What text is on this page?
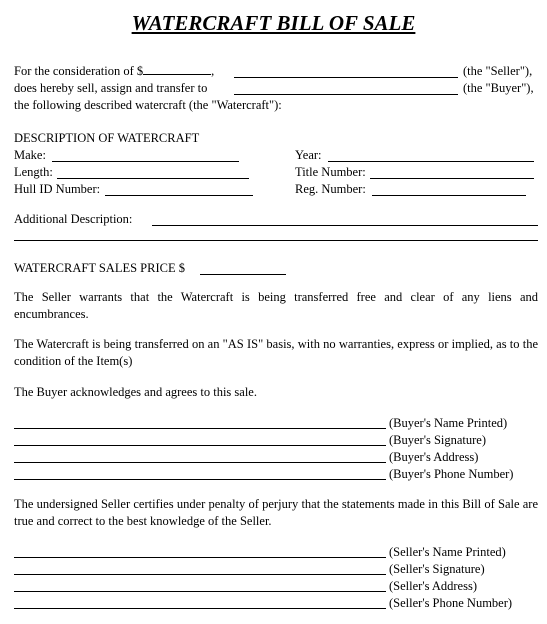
WATERCRAFT BILL OF SALE
For the consideration of $	,	(the "Seller"),
does hereby sell, assign and transfer to	(the "Buyer"),
the following described watercraft (the "Watercraft"):
DESCRIPTION OF WATERCRAFT
Make:	Year:
Length:	Title Number:
Hull ID Number:	Reg. Number:
Additional Description:
WATERCRAFT SALES PRICE $
The Seller warrants that the Watercraft is being transferred free and clear of any liens and encumbrances.
The Watercraft is being transferred on an "AS IS" basis, with no warranties, express or implied, as to the condition of the Item(s)
The Buyer acknowledges and agrees to this sale.
(Buyer's Name Printed)
(Buyer's Signature)
(Buyer's Address)
(Buyer's Phone Number)
The undersigned Seller certifies under penalty of perjury that the statements made in this Bill of Sale are true and correct to the best knowledge of the Seller.
(Seller's Name Printed)
(Seller's Signature)
(Seller's Address)
(Seller's Phone Number)
